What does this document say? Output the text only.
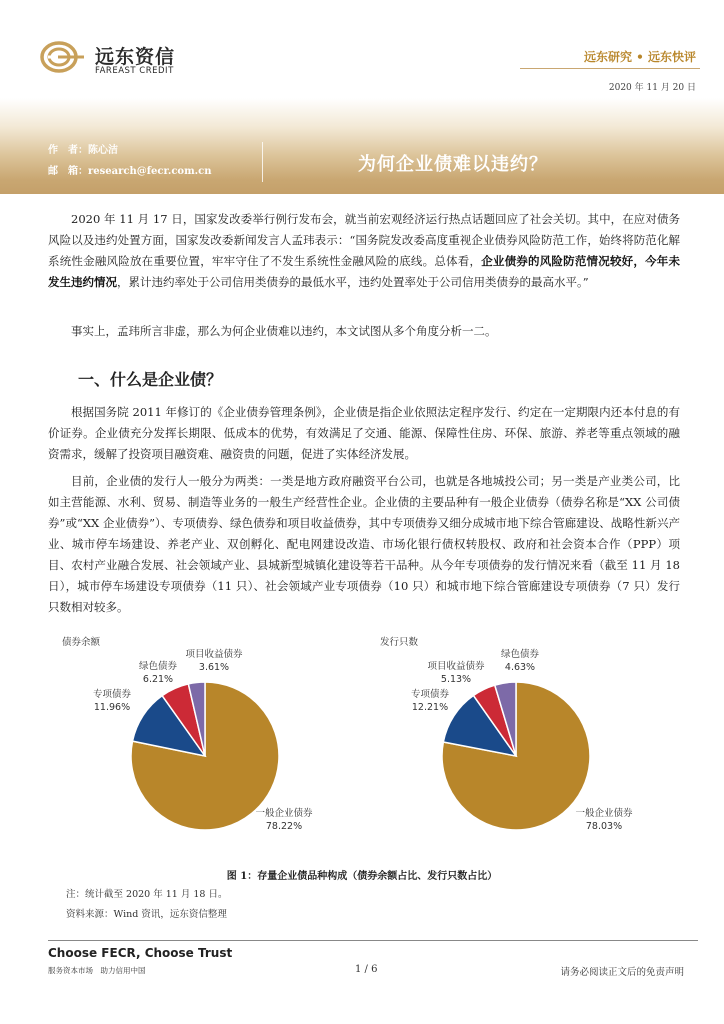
远东资信
FAREAST CREDIT
远东研究 • 远东快评
2020 年 11 月 20 日
作　者：陈心洁
邮　箱：research@fecr.com.cn	为何企业债难以违约？
2020 年 11 月 17 日，国家发改委举行例行发布会，就当前宏观经济运行热点话题回应了社会关切。其中，在应对债务风险以及违约处置方面，国家发改委新闻发言人孟玮表示：“国务院发改委高度重视企业债券风险防范工作，始终将防范化解系统性金融风险放在重要位置，牢牢守住了不发生系统性金融风险的底线。总体看，企业债券的风险防范情况较好，今年未发生违约情况，累计违约率处于公司信用类债券的最低水平，违约处置率处于公司信用类债券的最高水平。”
事实上，孟玮所言非虚，那么为何企业债难以违约，本文试图从多个角度分析一二。
一、什么是企业债？
根据国务院 2011 年修订的《企业债券管理条例》，企业债是指企业依照法定程序发行、约定在一定期限内还本付息的有价证券。企业债充分发挥长期限、低成本的优势，有效满足了交通、能源、保障性住房、环保、旅游、养老等重点领域的融资需求，缓解了投资项目融资难、融资贵的问题，促进了实体经济发展。
目前，企业债的发行人一般分为两类：一类是地方政府融资平台公司，也就是各地城投公司；另一类是产业类公司，比如主营能源、水利、贸易、制造等业务的一般生产经营性企业。企业债的主要品种有一般企业债券（债券名称是“XX 公司债券”或“XX 企业债券”）、专项债券、绿色债券和项目收益债券，其中专项债券又细分成城市地下综合管廊建设、战略性新兴产业、城市停车场建设、养老产业、双创孵化、配电网建设改造、市场化银行债权转股权、政府和社会资本合作（PPP）项目、农村产业融合发展、社会领域产业、县城新型城镇化建设等若干品种。从今年专项债券的发行情况来看（截至 11 月 18 日），城市停车场建设专项债券（11 只）、社会领域产业专项债券（10 只）和城市地下综合管廊建设专项债券（7 只）发行只数相对较多。
债券余额	发行只数
项目收益债券
3.61%
绿色债券
6.21%
专项债券
11.96%
一般企业债券
78.22%
绿色债券
4.63%
项目收益债券
5.13%
专项债券
12.21%
一般企业债券
78.03%
图 1：存量企业债品种构成（债券余额占比、发行只数占比）
注：统计截至 2020 年 11 月 18 日。
资料来源：Wind 资讯，远东资信整理
Choose FECR, Choose Trust
服务资本市场　助力信用中国	1 / 6	请务必阅读正文后的免责声明
